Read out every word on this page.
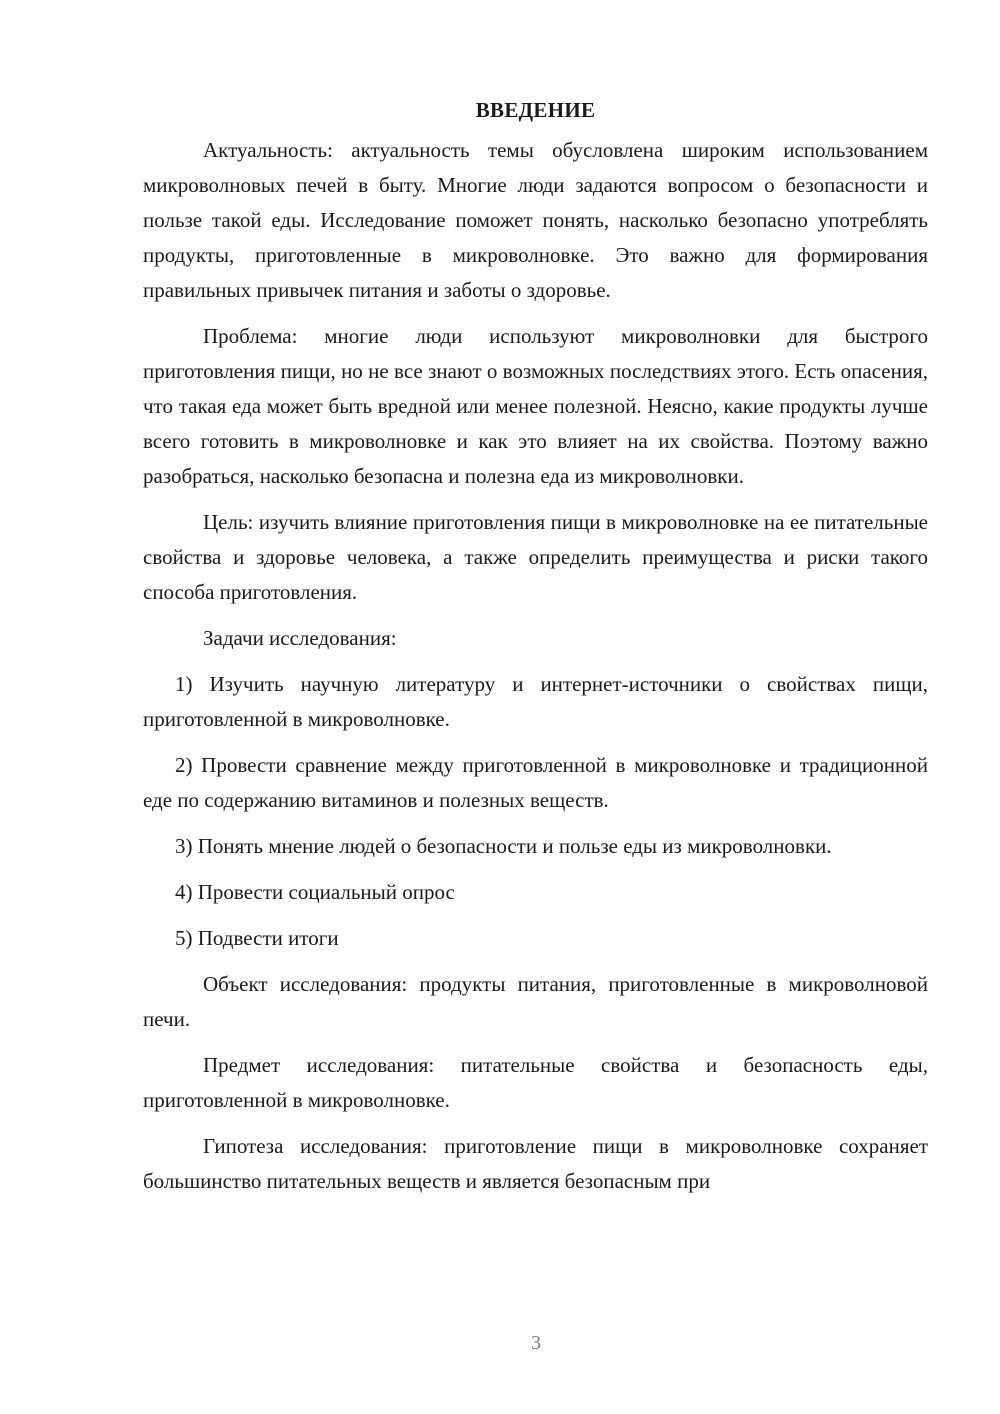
ВВЕДЕНИЕ

Актуальность: актуальность темы обусловлена широким использованием микроволновых печей в быту. Многие люди задаются вопросом о безопасности и пользе такой еды. Исследование поможет понять, насколько безопасно употреблять продукты, приготовленные в микроволновке. Это важно для формирования правильных привычек питания и заботы о здоровье.

Проблема: многие люди используют микроволновки для быстрого приготовления пищи, но не все знают о возможных последствиях этого. Есть опасения, что такая еда может быть вредной или менее полезной. Неясно, какие продукты лучше всего готовить в микроволновке и как это влияет на их свойства. Поэтому важно разобраться, насколько безопасна и полезна еда из микроволновки.

Цель: изучить влияние приготовления пищи в микроволновке на ее питательные свойства и здоровье человека, а также определить преимущества и риски такого способа приготовления.

Задачи исследования:

1) Изучить научную литературу и интернет-источники о свойствах пищи, приготовленной в микроволновке.

2) Провести сравнение между приготовленной в микроволновке и традиционной еде по содержанию витаминов и полезных веществ.

3) Понять мнение людей о безопасности и пользе еды из микроволновки.

4) Провести социальный опрос

5) Подвести итоги

Объект исследования: продукты питания, приготовленные в микроволновой печи.

Предмет исследования: питательные свойства и безопасность еды, приготовленной в микроволновке.

Гипотеза исследования: приготовление пищи в микроволновке сохраняет большинство питательных веществ и является безопасным при

3
